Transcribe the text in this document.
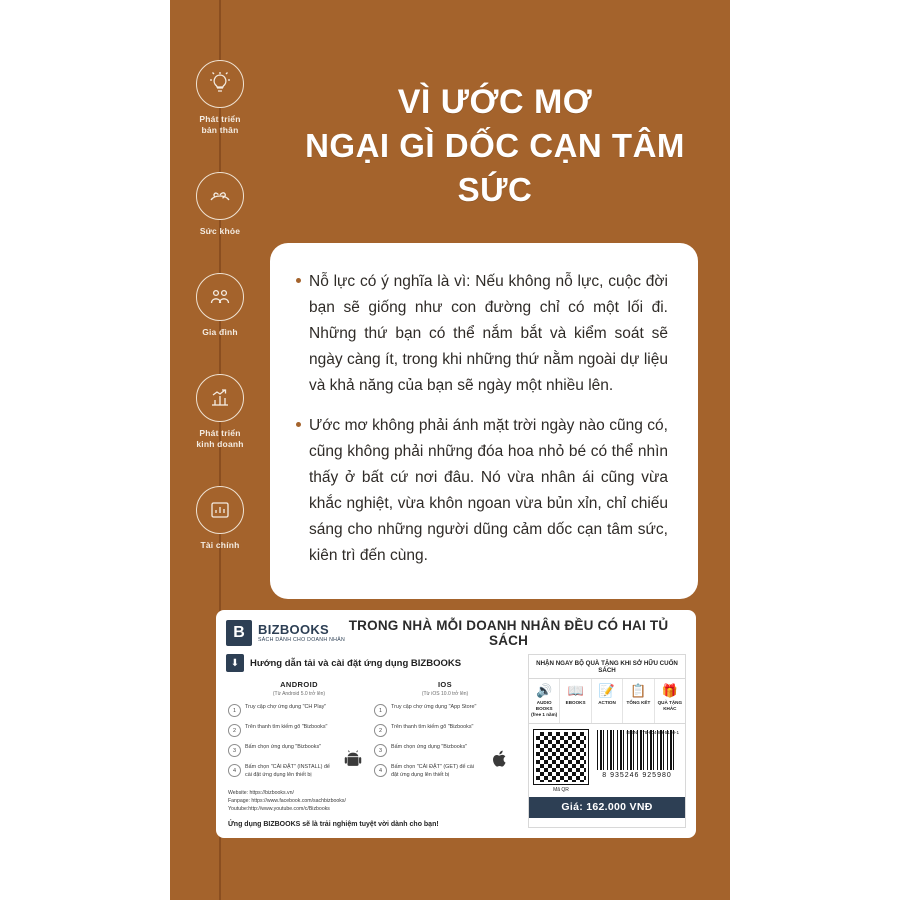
Phát triển
bản thân
Sức khỏe
Gia đình
Phát triển
kinh doanh
Tài chính
VÌ ƯỚC MƠ
NGẠI GÌ DỐC CẠN TÂM SỨC
Nỗ lực có ý nghĩa là vì: Nếu không nỗ lực, cuộc đời bạn sẽ giống như con đường chỉ có một lối đi. Những thứ bạn có thể nắm bắt và kiểm soát sẽ ngày càng ít, trong khi những thứ nằm ngoài dự liệu và khả năng của bạn sẽ ngày một nhiều lên.
Ước mơ không phải ánh mặt trời ngày nào cũng có, cũng không phải những đóa hoa nhỏ bé có thể nhìn thấy ở bất cứ nơi đâu. Nó vừa nhân ái cũng vừa khắc nghiệt, vừa khôn ngoan vừa bủn xỉn, chỉ chiếu sáng cho những người dũng cảm dốc cạn tâm sức, kiên trì đến cùng.
B	BIZBOOKS
SÁCH DÀNH CHO DOANH NHÂN
TRONG NHÀ MỖI DOANH NHÂN ĐỀU CÓ HAI TỦ SÁCH
⬇	Hướng dẫn tải và cài đặt ứng dụng BIZBOOKS
ANDROID
(Từ Android 5.0 trở lên)
1
Truy cập chợ ứng dụng "CH Play"
2
Trên thanh tìm kiếm gõ "Bizbooks"
3
Bấm chọn ứng dụng "Bizbooks"
4
Bấm chọn "CÀI ĐẶT" (INSTALL) để cài đặt ứng dụng lên thiết bị
IOS
(Từ iOS 10.0 trở lên)
1
Truy cập chợ ứng dụng "App Store"
2
Trên thanh tìm kiếm gõ "Bizbooks"
3
Bấm chọn ứng dụng "Bizbooks"
4
Bấm chọn "CÀI ĐẶT" (GET) để cài đặt ứng dụng lên thiết bị
Website: https://bizbooks.vn/
Fanpage: https://www.facebook.com/sachbizbooks/
Youtube:http://www.youtube.com/c/Bizbooks
Ứng dụng BIZBOOKS sẽ là trải nghiệm tuyệt vời dành cho bạn!
NHẬN NGAY BỘ QUÀ TẶNG KHI SỞ HỮU CUỐN SÁCH
🔊
AUDIO BOOKS
(free 1 năm)
📖
EBOOKS
📝
ACTION
📋
TỔNG KẾT
🎁
QUÀ TẶNG KHÁC
Mã QR
ISBN: 978-604-89-5180-1
8 935246 925980
Giá: 162.000 VNĐ
